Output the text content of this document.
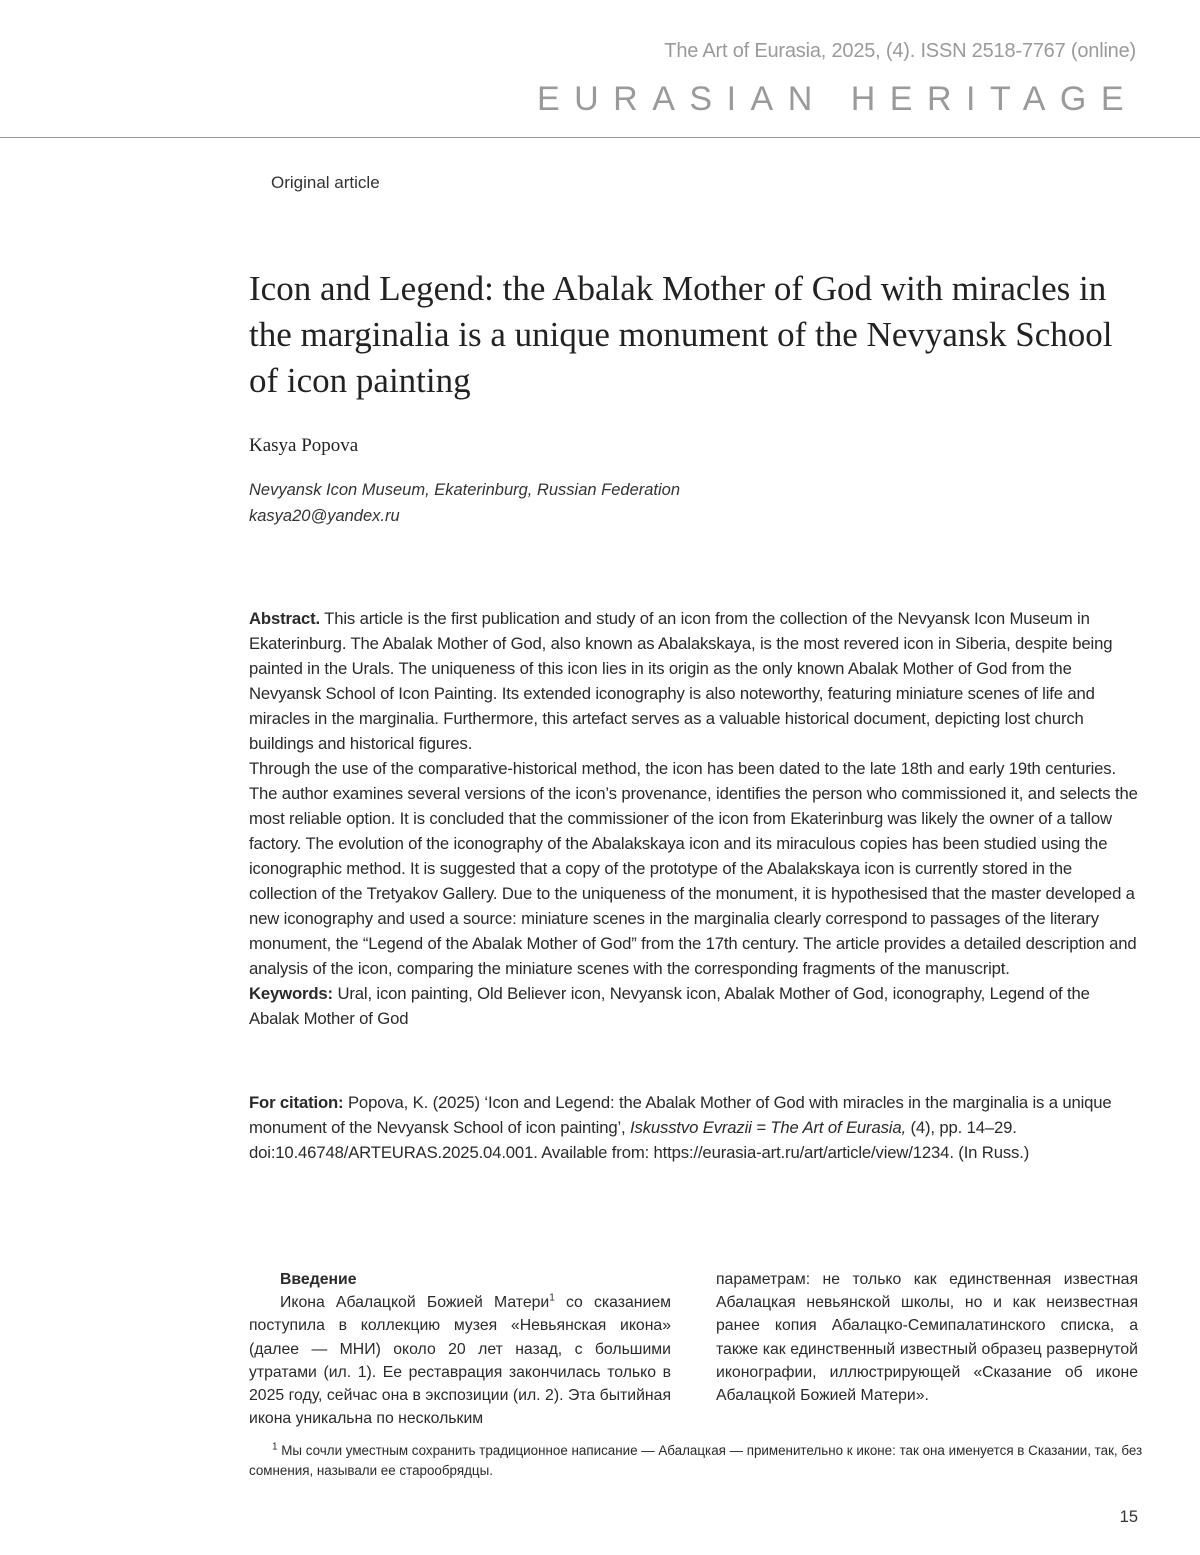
The Art of Eurasia, 2025, (4). ISSN 2518-7767 (online)
EURASIAN HERITAGE
Original article
Icon and Legend: the Abalak Mother of God with miracles in the marginalia is a unique monument of the Nevyansk School of icon painting
Kasya Popova
Nevyansk Icon Museum, Ekaterinburg, Russian Federation
kasya20@yandex.ru

Abstract. This article is the first publication and study of an icon from the collection of the Nevyansk Icon Museum in Ekaterinburg. The Abalak Mother of God, also known as Abalakskaya, is the most revered icon in Siberia, despite being painted in the Urals. The uniqueness of this icon lies in its origin as the only known Abalak Mother of God from the Nevyansk School of Icon Painting. Its extended iconography is also noteworthy, featuring miniature scenes of life and miracles in the marginalia. Furthermore, this artefact serves as a valuable historical document, depicting lost church buildings and historical figures.

Through the use of the comparative-historical method, the icon has been dated to the late 18th and early 19th centuries. The author examines several versions of the icon’s provenance, identifies the person who commissioned it, and selects the most reliable option. It is concluded that the commissioner of the icon from Ekaterinburg was likely the owner of a tallow factory. The evolution of the iconography of the Abalakskaya icon and its miraculous copies has been studied using the iconographic method. It is suggested that a copy of the prototype of the Abalakskaya icon is currently stored in the collection of the Tretyakov Gallery. Due to the uniqueness of the monument, it is hypothesised that the master developed a new iconography and used a source: miniature scenes in the marginalia clearly correspond to passages of the literary monument, the “Legend of the Abalak Mother of God” from the 17th century. The article provides a detailed description and analysis of the icon, comparing the miniature scenes with the corresponding fragments of the manuscript.

Keywords: Ural, icon painting, Old Believer icon, Nevyansk icon, Abalak Mother of God, iconography, Legend of the Abalak Mother of God

For citation: Popova, K. (2025) ‘Icon and Legend: the Abalak Mother of God with miracles in the marginalia is a unique monument of the Nevyansk School of icon painting’, Iskusstvo Evrazii = The Art of Eurasia, (4), pp. 14–29. doi:10.46748/ARTEURAS.2025.04.001. Available from: https://eurasia-art.ru/art/article/view/1234. (In Russ.)

Введение

Икона Абалацкой Божией Матери$^1$ со сказанием поступила в коллекцию музея «Невьянская икона» (далее — МНИ) около 20 лет назад, с большими утратами (ил. 1). Ее реставрация закончилась только в 2025 году, сейчас она в экспозиции (ил. 2). Эта бытийная икона уникальна по нескольким

параметрам: не только как единственная известная Абалацкая невьянской школы, но и как неизвестная ранее копия Абалацко-Семипалатинского списка, а также как единственный известный образец развернутой иконографии, иллюстрирующей «Сказание об иконе Абалацкой Божией Матери».

$^1$ Мы сочли уместным сохранить традиционное написание — Абалацкая — применительно к иконе: так она именуется в Сказании, так, без сомнения, называли ее старообрядцы.

15
